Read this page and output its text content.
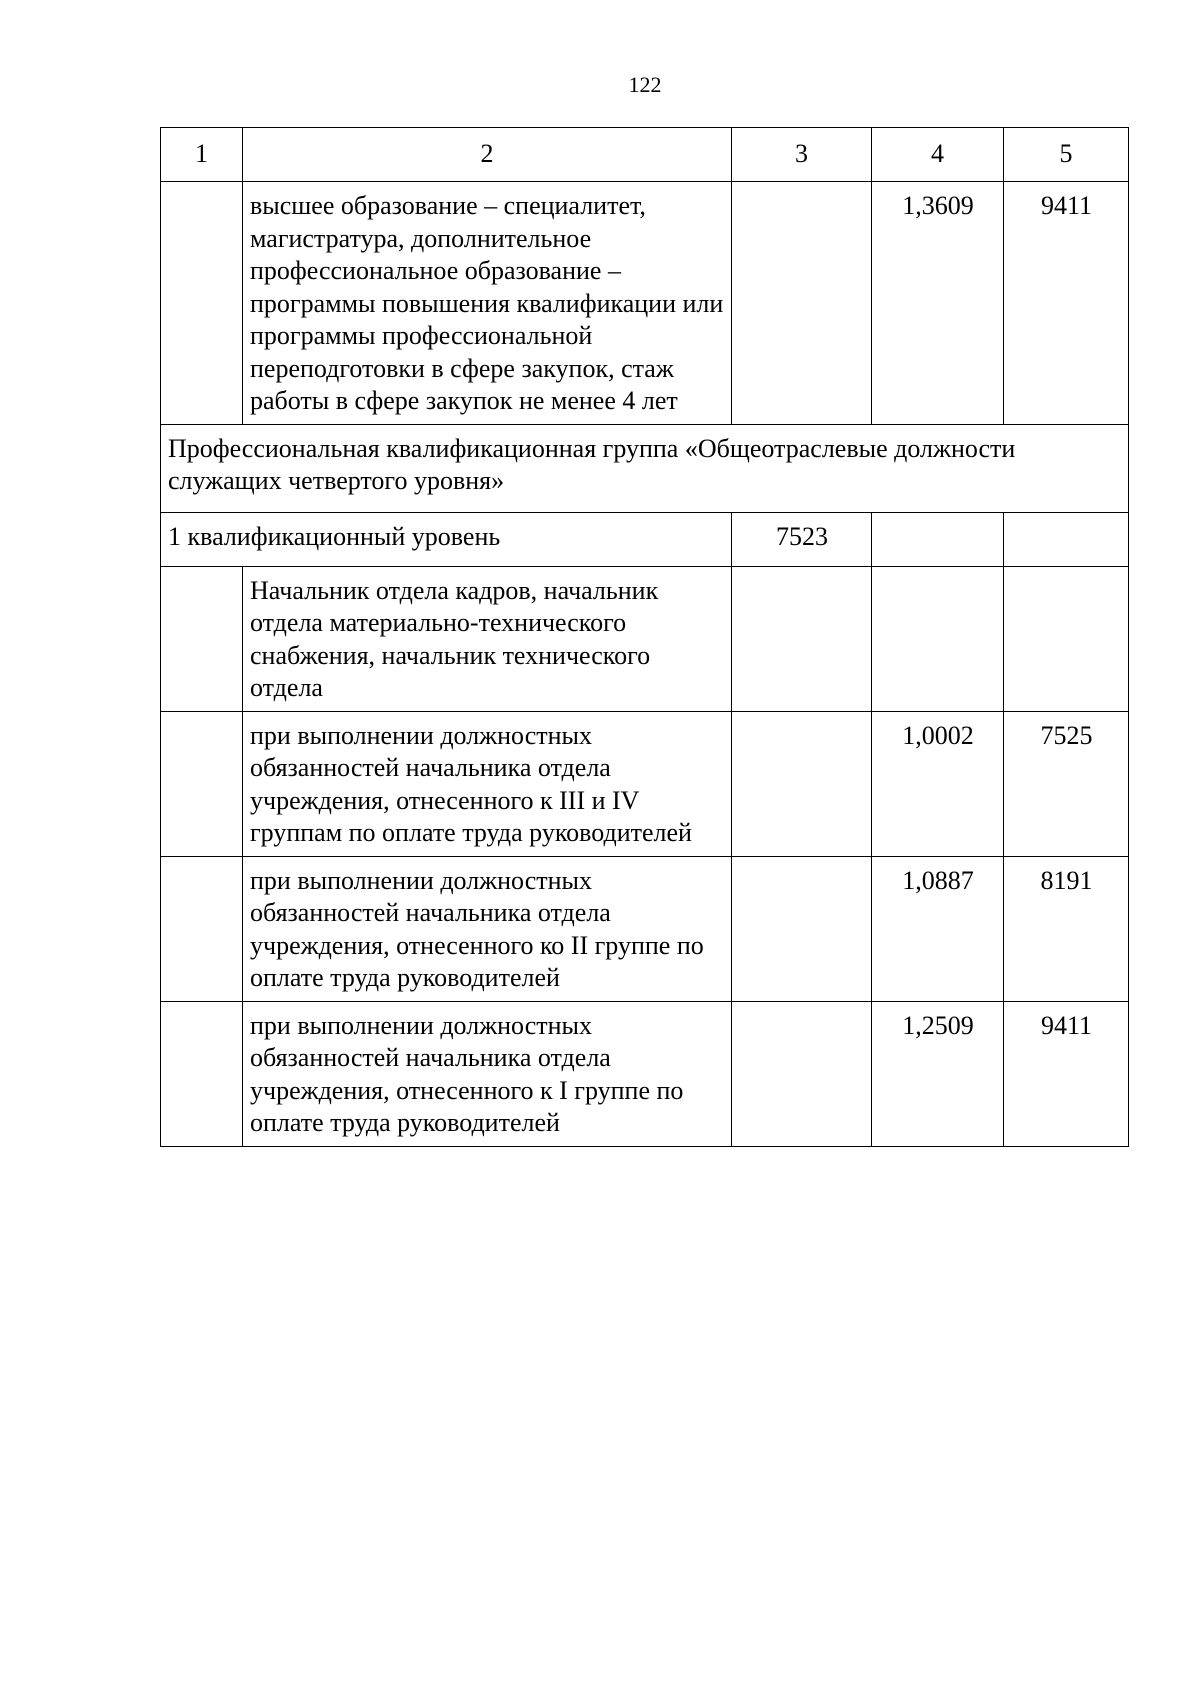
122
1	2	3	4	5
	высшее образование – специалитет, магистратура, дополнительное профессиональное образование – программы повышения квалификации или программы профессиональной переподготовки в сфере закупок, стаж работы в сфере закупок не менее 4 лет		1,3609	9411
Профессиональная квалификационная группа «Общеотраслевые должности служащих четвертого уровня»				
1 квалификационный уровень		7523		
	Начальник отдела кадров, начальник отдела материально-технического снабжения, начальник технического отдела			
	при выполнении должностных обязанностей начальника отдела учреждения, отнесенного к III и IV группам по оплате труда руководителей		1,0002	7525
	при выполнении должностных обязанностей начальника отдела учреждения, отнесенного ко II группе по оплате труда руководителей		1,0887	8191
	при выполнении должностных обязанностей начальника отдела учреждения, отнесенного к I группе по оплате труда руководителей		1,2509	9411
